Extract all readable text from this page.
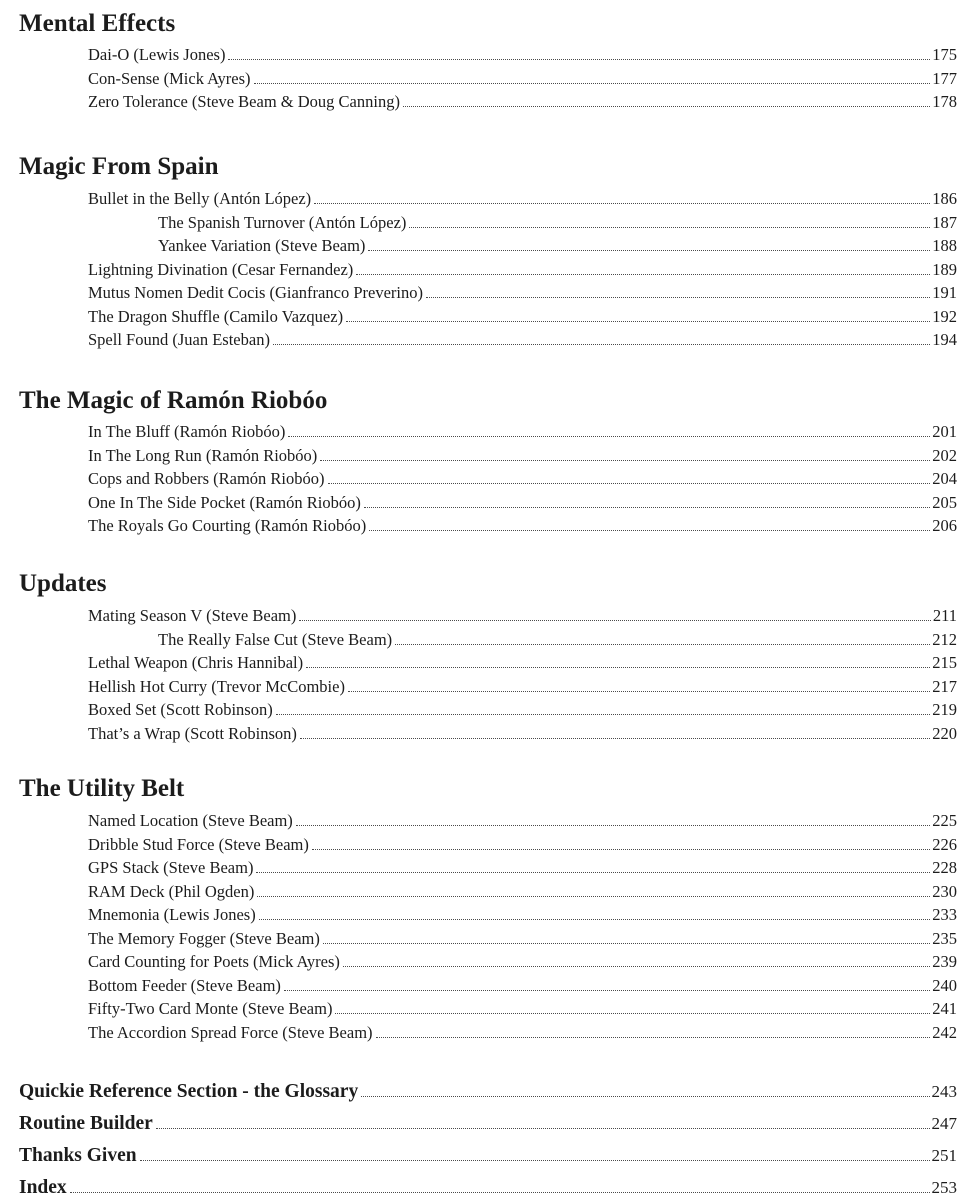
Mental Effects
Dai-O (Lewis Jones)	175
Con-Sense (Mick Ayres)	177
Zero Tolerance (Steve Beam & Doug Canning)	178
Magic From Spain
Bullet in the Belly (Antón López)	186
The Spanish Turnover (Antón López)	187
Yankee Variation (Steve Beam)	188
Lightning Divination (Cesar Fernandez)	189
Mutus Nomen Dedit Cocis (Gianfranco Preverino)	191
The Dragon Shuffle (Camilo Vazquez)	192
Spell Found (Juan Esteban)	194
The Magic of Ramón Riobóo
In The Bluff (Ramón Riobóo)	201
In The Long Run (Ramón Riobóo)	202
Cops and Robbers (Ramón Riobóo)	204
One In The Side Pocket (Ramón Riobóo)	205
The Royals Go Courting (Ramón Riobóo)	206
Updates
Mating Season V (Steve Beam)	211
The Really False Cut (Steve Beam)	212
Lethal Weapon (Chris Hannibal)	215
Hellish Hot Curry (Trevor McCombie)	217
Boxed Set (Scott Robinson)	219
That’s a Wrap (Scott Robinson)	220
The Utility Belt
Named Location (Steve Beam)	225
Dribble Stud Force (Steve Beam)	226
GPS Stack (Steve Beam)	228
RAM Deck (Phil Ogden)	230
Mnemonia (Lewis Jones)	233
The Memory Fogger (Steve Beam)	235
Card Counting for Poets (Mick Ayres)	239
Bottom Feeder (Steve Beam)	240
Fifty-Two Card Monte (Steve Beam)	241
The Accordion Spread Force (Steve Beam)	242
Quickie Reference Section - the Glossary	243
Routine Builder	247
Thanks Given	251
Index	253
